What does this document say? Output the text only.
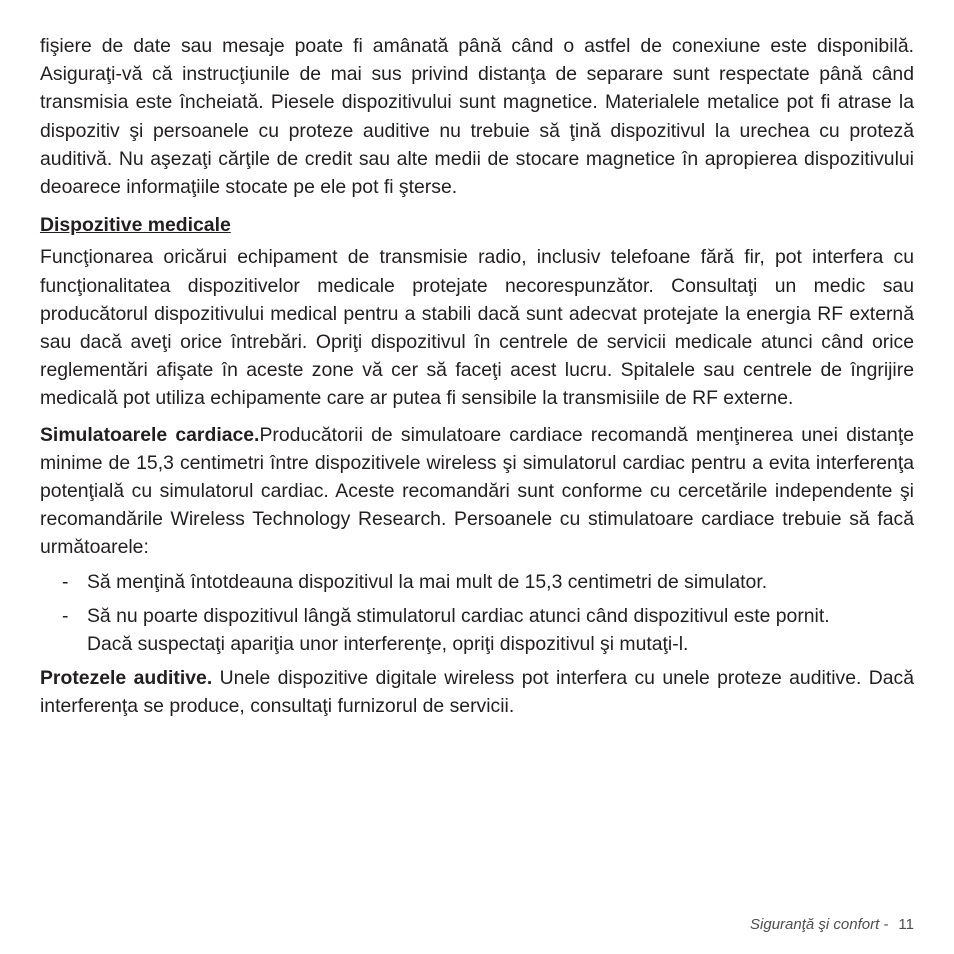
fişiere de date sau mesaje poate fi amânată până când o astfel de conexiune este disponibilă. Asiguraţi-vă că instrucţiunile de mai sus privind distanţa de separare sunt respectate până când transmisia este încheiată. Piesele dispozitivului sunt magnetice. Materialele metalice pot fi atrase la dispozitiv şi persoanele cu proteze auditive nu trebuie să ţină dispozitivul la urechea cu proteză auditivă. Nu aşezaţi cărţile de credit sau alte medii de stocare magnetice în apropierea dispozitivului deoarece informaţiile stocate pe ele pot fi şterse.

Dispozitive medicale

Funcţionarea oricărui echipament de transmisie radio, inclusiv telefoane fără fir, pot interfera cu funcţionalitatea dispozitivelor medicale protejate necorespunzător. Consultaţi un medic sau producătorul dispozitivului medical pentru a stabili dacă sunt adecvat protejate la energia RF externă sau dacă aveţi orice întrebări. Opriţi dispozitivul în centrele de servicii medicale atunci când orice reglementări afişate în aceste zone vă cer să faceţi acest lucru. Spitalele sau centrele de îngrijire medicală pot utiliza echipamente care ar putea fi sensibile la transmisiile de RF externe.

Simulatoarele cardiace.Producătorii de simulatoare cardiace recomandă menţinerea unei distanţe minime de 15,3 centimetri între dispozitivele wireless şi simulatorul cardiac pentru a evita interferenţa potenţială cu simulatorul cardiac. Aceste recomandări sunt conforme cu cercetările independente şi recomandările Wireless Technology Research. Persoanele cu stimulatoare cardiace trebuie să facă următoarele:

- Să menţină întotdeauna dispozitivul la mai mult de 15,3 centimetri de simulator.
- Să nu poarte dispozitivul lângă stimulatorul cardiac atunci când dispozitivul este pornit.
Dacă suspectaţi apariţia unor interferenţe, opriţi dispozitivul şi mutaţi-l.

Protezele auditive. Unele dispozitive digitale wireless pot interfera cu unele proteze auditive. Dacă interferenţa se produce, consultaţi furnizorul de servicii.

Siguranţă şi confort - 11
